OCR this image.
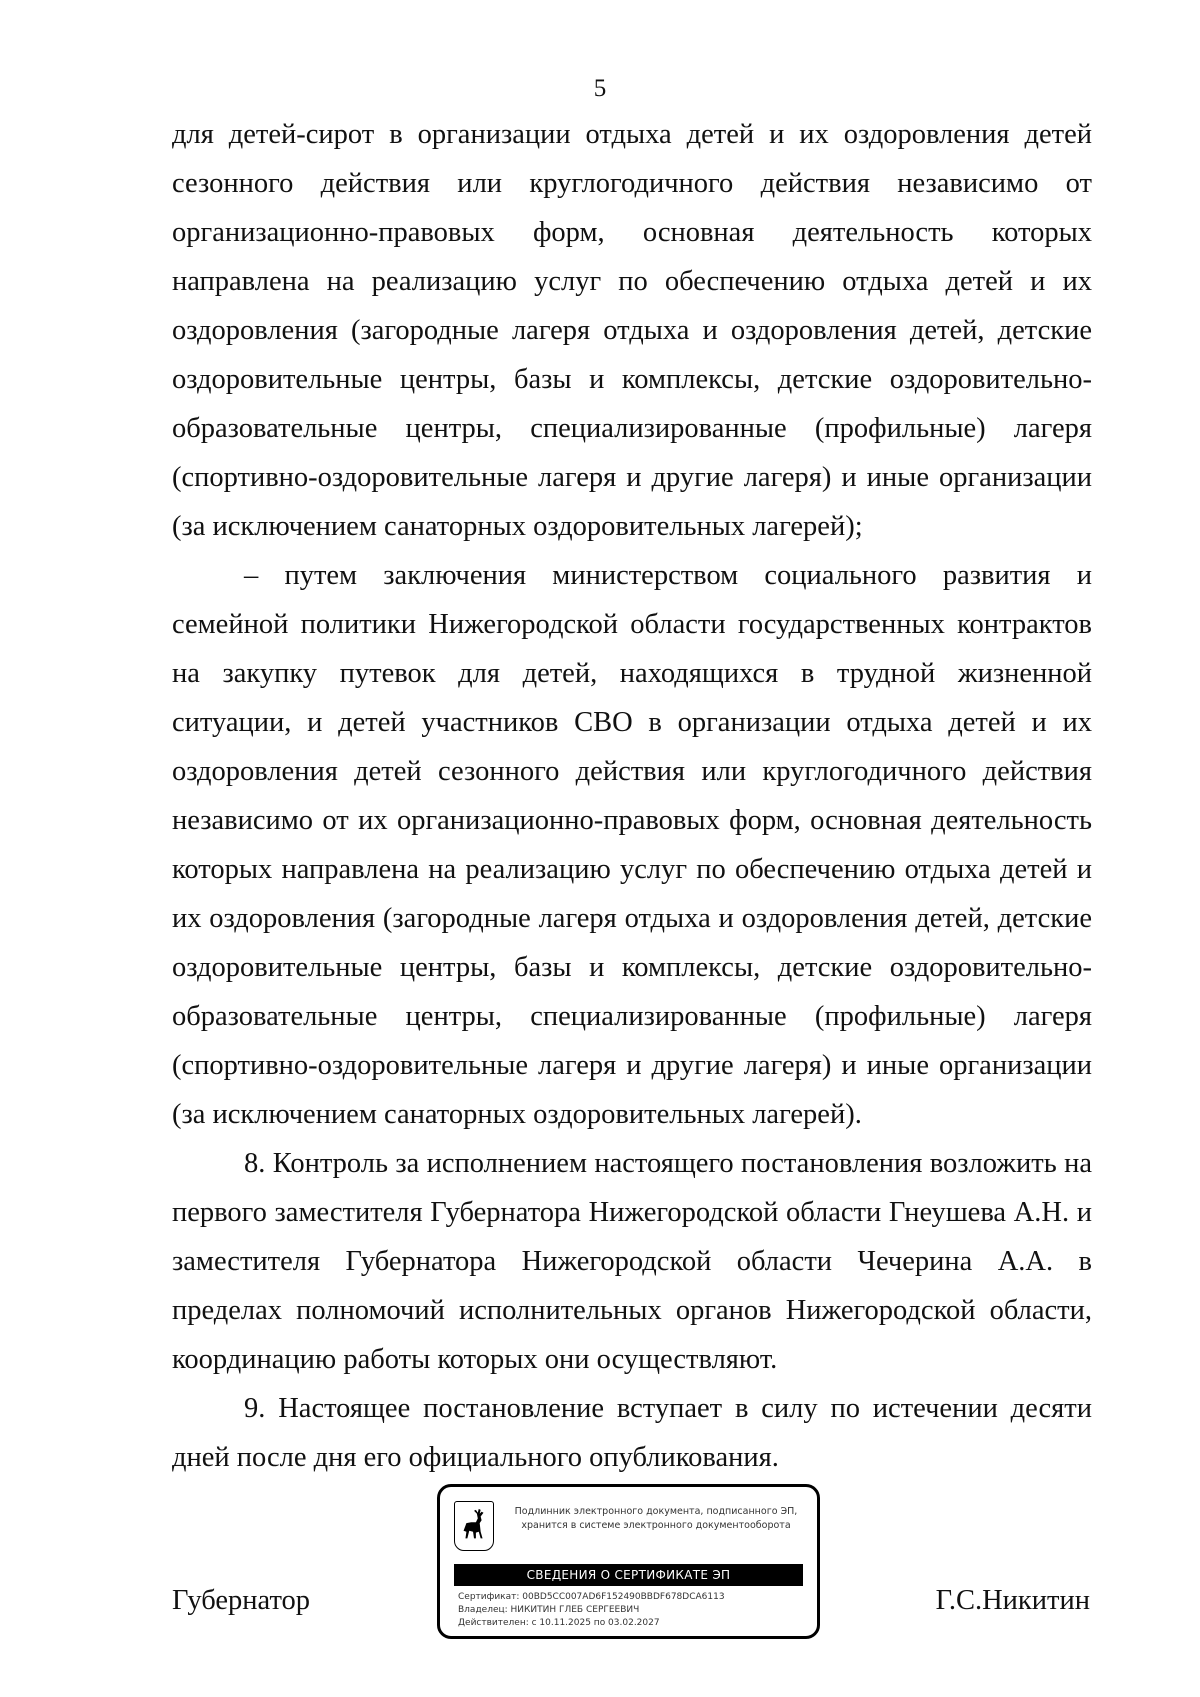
5

для детей-сирот в организации отдыха детей и их оздоровления детей сезонного действия или круглогодичного действия независимо от организационно-правовых форм, основная деятельность которых направлена на реализацию услуг по обеспечению отдыха детей и их оздоровления (загородные лагеря отдыха и оздоровления детей, детские оздоровительные центры, базы и комплексы, детские оздоровительно-образовательные центры, специализированные (профильные) лагеря (спортивно-оздоровительные лагеря и другие лагеря) и иные организации (за исключением санаторных оздоровительных лагерей);

– путем заключения министерством социального развития и семейной политики Нижегородской области государственных контрактов на закупку путевок для детей, находящихся в трудной жизненной ситуации, и детей участников СВО в организации отдыха детей и их оздоровления детей сезонного действия или круглогодичного действия независимо от их организационно-правовых форм, основная деятельность которых направлена на реализацию услуг по обеспечению отдыха детей и их оздоровления (загородные лагеря отдыха и оздоровления детей, детские оздоровительные центры, базы и комплексы, детские оздоровительно-образовательные центры, специализированные (профильные) лагеря (спортивно-оздоровительные лагеря и другие лагеря) и иные организации (за исключением санаторных оздоровительных лагерей).

8. Контроль за исполнением настоящего постановления возложить на первого заместителя Губернатора Нижегородской области Гнеушева А.Н. и заместителя Губернатора Нижегородской области Чечерина А.А. в пределах полномочий исполнительных органов Нижегородской области, координацию работы которых они осуществляют.

9. Настоящее постановление вступает в силу по истечении десяти дней после дня его официального опубликования.

Губернатор	Г.С.Никитин
Подлинник электронного документа, подписанного ЭП,
хранится в системе электронного документооборота
СВЕДЕНИЯ О СЕРТИФИКАТЕ ЭП
Сертификат: 00BD5CC007AD6F152490BBDF678DCA6113
Владелец: НИКИТИН ГЛЕБ СЕРГЕЕВИЧ
Действителен: с 10.11.2025 по 03.02.2027
